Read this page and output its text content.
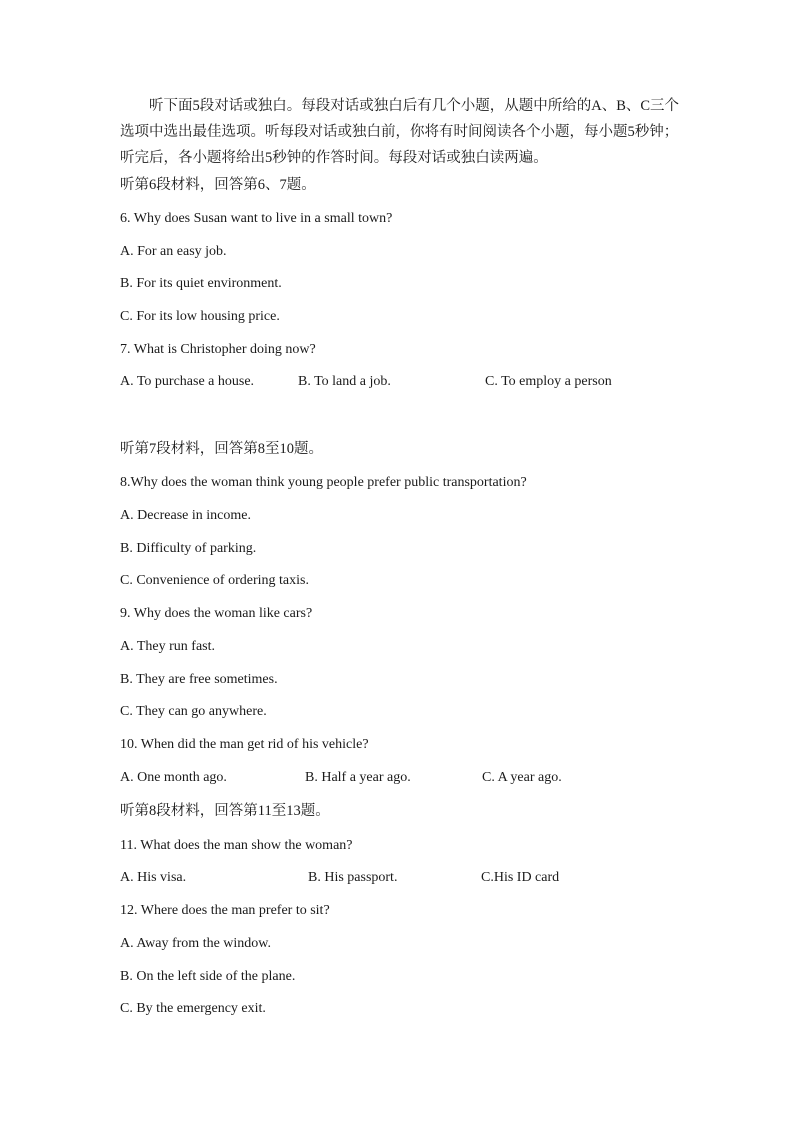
听下面5段对话或独白。每段对话或独白后有几个小题，从题中所给的A、B、C三个选项中选出最佳选项。听每段对话或独白前，你将有时间阅读各个小题，每小题5秒钟；听完后，各小题将给出5秒钟的作答时间。每段对话或独白读两遍。

听第6段材料，回答第6、7题。

6. Why does Susan want to live in a small town?

A. For an easy job.

B. For its quiet environment.

C. For its low housing price.

7. What is Christopher doing now?

A. To purchase a house.	B. To land a job.	C. To employ a person

听第7段材料，回答第8至10题。

8.Why does the woman think young people prefer public transportation?

A. Decrease in income.

B. Difficulty of parking.

C. Convenience of ordering taxis.

9. Why does the woman like cars?

A. They run fast.

B. They are free sometimes.

C. They can go anywhere.

10. When did the man get rid of his vehicle?

A. One month ago.	B. Half a year ago.	C. A year ago.

听第8段材料，回答第11至13题。

11. What does the man show the woman?

A. His visa.	B. His passport.	C.His ID card

12. Where does the man prefer to sit?

A. Away from the window.

B. On the left side of the plane.

C. By the emergency exit.
